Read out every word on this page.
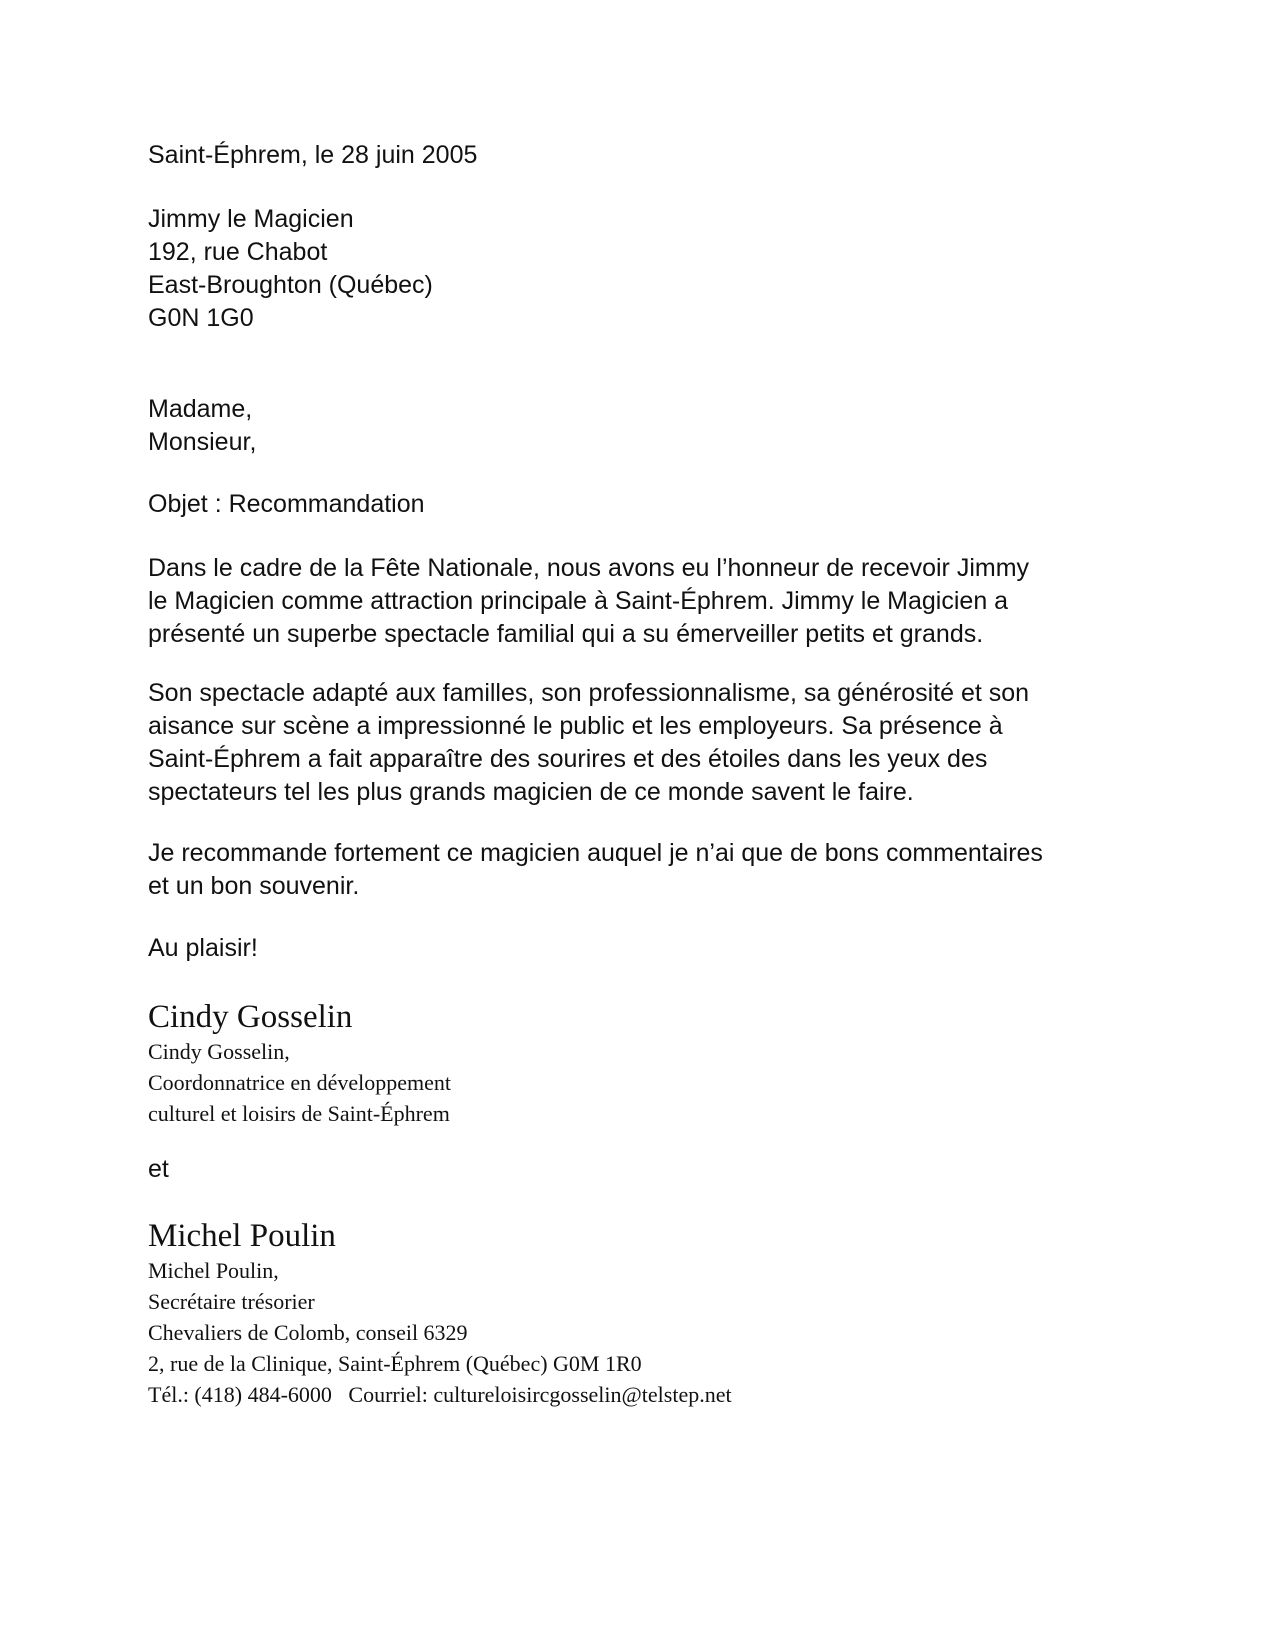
Saint-Éphrem, le 28 juin 2005
Jimmy le Magicien
192, rue Chabot
East-Broughton (Québec)
G0N 1G0
Madame,
Monsieur,
Objet : Recommandation
Dans le cadre de la Fête Nationale, nous avons eu l’honneur de recevoir Jimmy
le Magicien comme attraction principale à Saint-Éphrem. Jimmy le Magicien a
présenté un superbe spectacle familial qui a su émerveiller petits et grands.
Son spectacle adapté aux familles, son professionnalisme, sa générosité et son
aisance sur scène a impressionné le public et les employeurs. Sa présence à
Saint-Éphrem a fait apparaître des sourires et des étoiles dans les yeux des
spectateurs tel les plus grands magicien de ce monde savent le faire.
Je recommande fortement ce magicien auquel je n’ai que de bons commentaires
et un bon souvenir.
Au plaisir!
Cindy Gosselin
Cindy Gosselin,
Coordonnatrice en développement
culturel et loisirs de Saint-Éphrem
et
Michel Poulin
Michel Poulin,
Secrétaire trésorier
Chevaliers de Colomb, conseil 6329
2, rue de la Clinique, Saint-Éphrem (Québec) G0M 1R0
Tél.: (418) 484-6000   Courriel: cultureloisircgosselin@telstep.net
